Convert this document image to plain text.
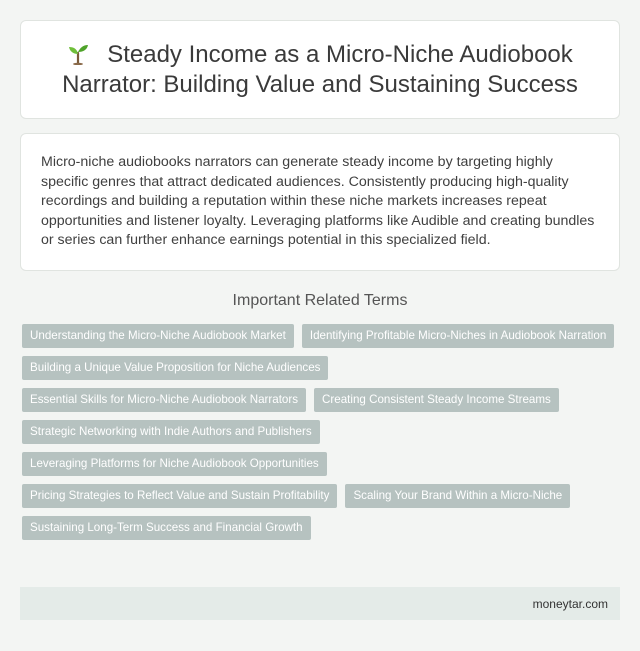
Steady Income as a Micro-Niche Audiobook Narrator: Building Value and Sustaining Success

Micro-niche audiobooks narrators can generate steady income by targeting highly specific genres that attract dedicated audiences. Consistently producing high-quality recordings and building a reputation within these niche markets increases repeat opportunities and listener loyalty. Leveraging platforms like Audible and creating bundles or series can further enhance earnings potential in this specialized field.

Important Related Terms
Understanding the Micro-Niche Audiobook Market	Identifying Profitable Micro-Niches in Audiobook Narration
Building a Unique Value Proposition for Niche Audiences
Essential Skills for Micro-Niche Audiobook Narrators	Creating Consistent Steady Income Streams
Strategic Networking with Indie Authors and Publishers
Leveraging Platforms for Niche Audiobook Opportunities
Pricing Strategies to Reflect Value and Sustain Profitability	Scaling Your Brand Within a Micro-Niche
Sustaining Long-Term Success and Financial Growth
moneytar.com
